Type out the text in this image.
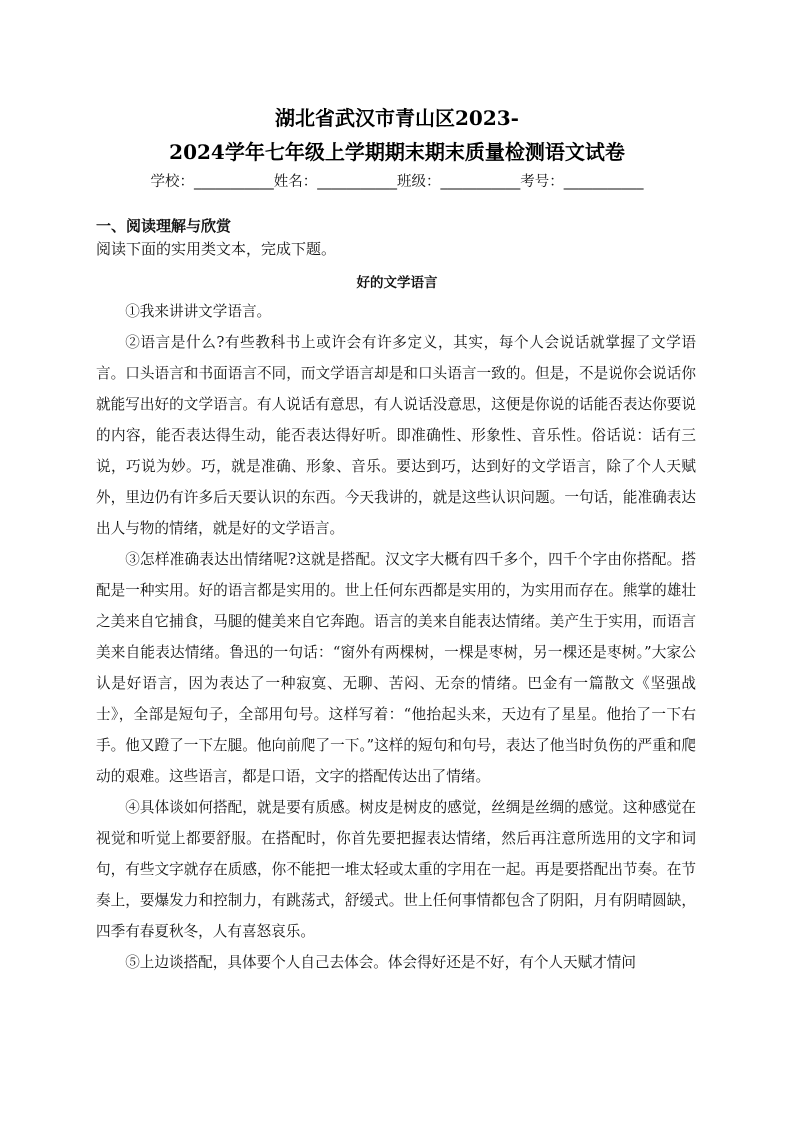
湖北省武汉市青山区2023-
2024学年七年级上学期期末期末质量检测语文试卷
学校：___________姓名：___________班级：___________考号：___________
一、阅读理解与欣赏
阅读下面的实用类文本，完成下题。
好的文学语言

①我来讲讲文学语言。

②语言是什么?有些教科书上或许会有许多定义，其实，每个人会说话就掌握了文学语言。口头语言和书面语言不同，而文学语言却是和口头语言一致的。但是，不是说你会说话你就能写出好的文学语言。有人说话有意思，有人说话没意思，这便是你说的话能否表达你要说的内容，能否表达得生动，能否表达得好听。即准确性、形象性、音乐性。俗话说：话有三说，巧说为妙。巧，就是准确、形象、音乐。要达到巧，达到好的文学语言，除了个人天赋外，里边仍有许多后天要认识的东西。今天我讲的，就是这些认识问题。一句话，能准确表达出人与物的情绪，就是好的文学语言。

③怎样准确表达出情绪呢?这就是搭配。汉文字大概有四千多个，四千个字由你搭配。搭配是一种实用。好的语言都是实用的。世上任何东西都是实用的，为实用而存在。熊掌的雄壮之美来自它捕食，马腿的健美来自它奔跑。语言的美来自能表达情绪。美产生于实用，而语言美来自能表达情绪。鲁迅的一句话：“窗外有两棵树，一棵是枣树，另一棵还是枣树。”大家公认是好语言，因为表达了一种寂寞、无聊、苦闷、无奈的情绪。巴金有一篇散文《坚强战士》，全部是短句子，全部用句号。这样写着：“他抬起头来，天边有了星星。他抬了一下右手。他又蹬了一下左腿。他向前爬了一下。”这样的短句和句号，表达了他当时负伤的严重和爬动的艰难。这些语言，都是口语，文字的搭配传达出了情绪。

④具体谈如何搭配，就是要有质感。树皮是树皮的感觉，丝绸是丝绸的感觉。这种感觉在视觉和听觉上都要舒服。在搭配时，你首先要把握表达情绪，然后再注意所选用的文字和词句，有些文字就存在质感，你不能把一堆太轻或太重的字用在一起。再是要搭配出节奏。在节奏上，要爆发力和控制力，有跳荡式，舒缓式。世上任何事情都包含了阴阳，月有阴晴圆缺，四季有春夏秋冬，人有喜怒哀乐。

⑤上边谈搭配，具体要个人自己去体会。体会得好还是不好，有个人天赋才情问
